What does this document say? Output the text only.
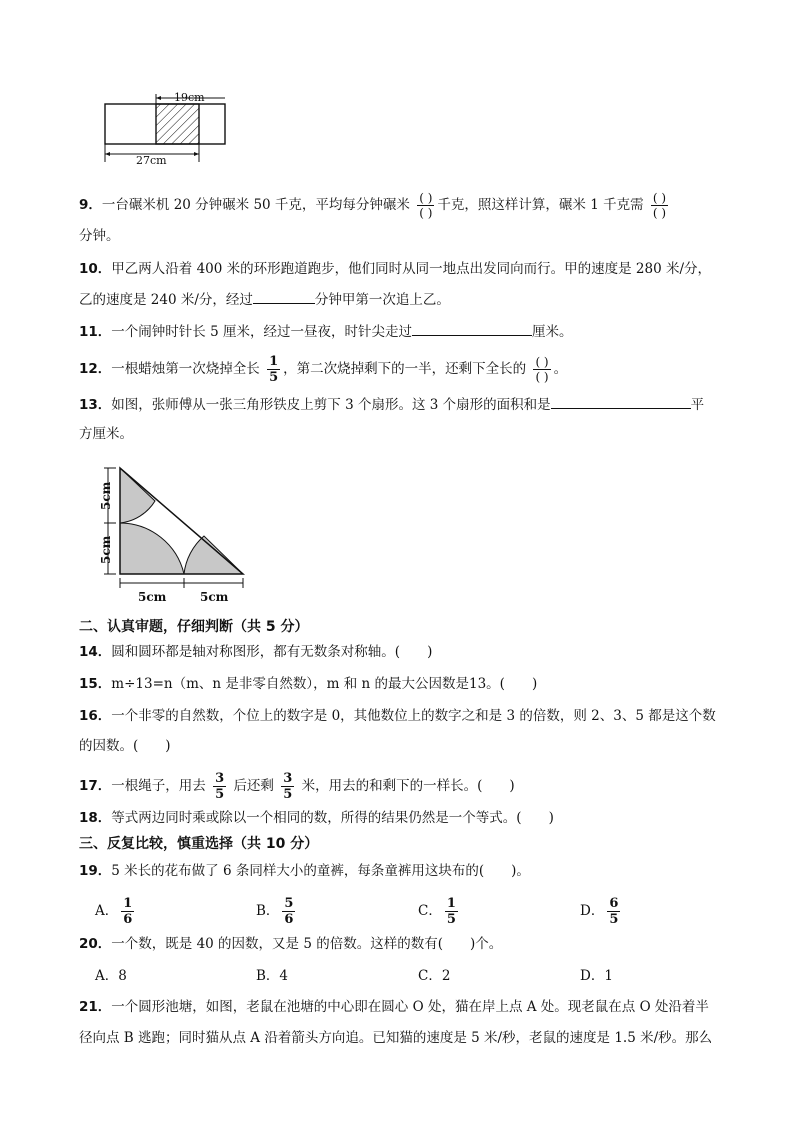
19cm
27cm
9．一台碾米机 20 分钟碾米 50 千克，平均每分钟碾米 $\frac{( )}{( )}$ 千克，照这样计算，碾米 1 千克需 $\frac{( )}{( )}$
分钟。
10．甲乙两人沿着 400 米的环形跑道跑步，他们同时从同一地点出发同向而行。甲的速度是 280 米/分，
乙的速度是 240 米/分，经过	分钟甲第一次追上乙。
11．一个闹钟时针长 5 厘米，经过一昼夜，时针尖走过	厘米。
12．一根蜡烛第一次烧掉全长 $\frac{1}{5}$ ，第二次烧掉剩下的一半，还剩下全长的 $\frac{( )}{( )}$ 。
13．如图，张师傅从一张三角形铁皮上剪下 3 个扇形。这 3 个扇形的面积和是	平
方厘米。
5cm
5cm
5cm	5cm
二、认真审题，仔细判断（共 5 分）
14．圆和圆环都是轴对称图形，都有无数条对称轴。(　　)
15．m÷13=n（m、n 是非零自然数），m 和 n 的最大公因数是13。(　　)
16．一个非零的自然数，个位上的数字是 0，其他数位上的数字之和是 3 的倍数，则 2、3、5 都是这个数
的因数。(　　)
17．一根绳子，用去 $\frac{3}{5}$ 后还剩 $\frac{3}{5}$ 米，用去的和剩下的一样长。(　　)
18．等式两边同时乘或除以一个相同的数，所得的结果仍然是一个等式。(　　)
三、反复比较，慎重选择（共 10 分）
19．5 米长的花布做了 6 条同样大小的童裤，每条童裤用这块布的(　　)。
A． $\frac{1}{6}$	B． $\frac{5}{6}$	C． $\frac{1}{5}$	D． $\frac{6}{5}$
20．一个数，既是 40 的因数，又是 5 的倍数。这样的数有(　　)个。
A．8	B．4	C．2	D．1
21．一个圆形池塘，如图，老鼠在池塘的中心即在圆心 O 处，猫在岸上点 A 处。现老鼠在点 O 处沿着半
径向点 B 逃跑；同时猫从点 A 沿着箭头方向追。已知猫的速度是 5 米/秒，老鼠的速度是 1.5 米/秒。那么
